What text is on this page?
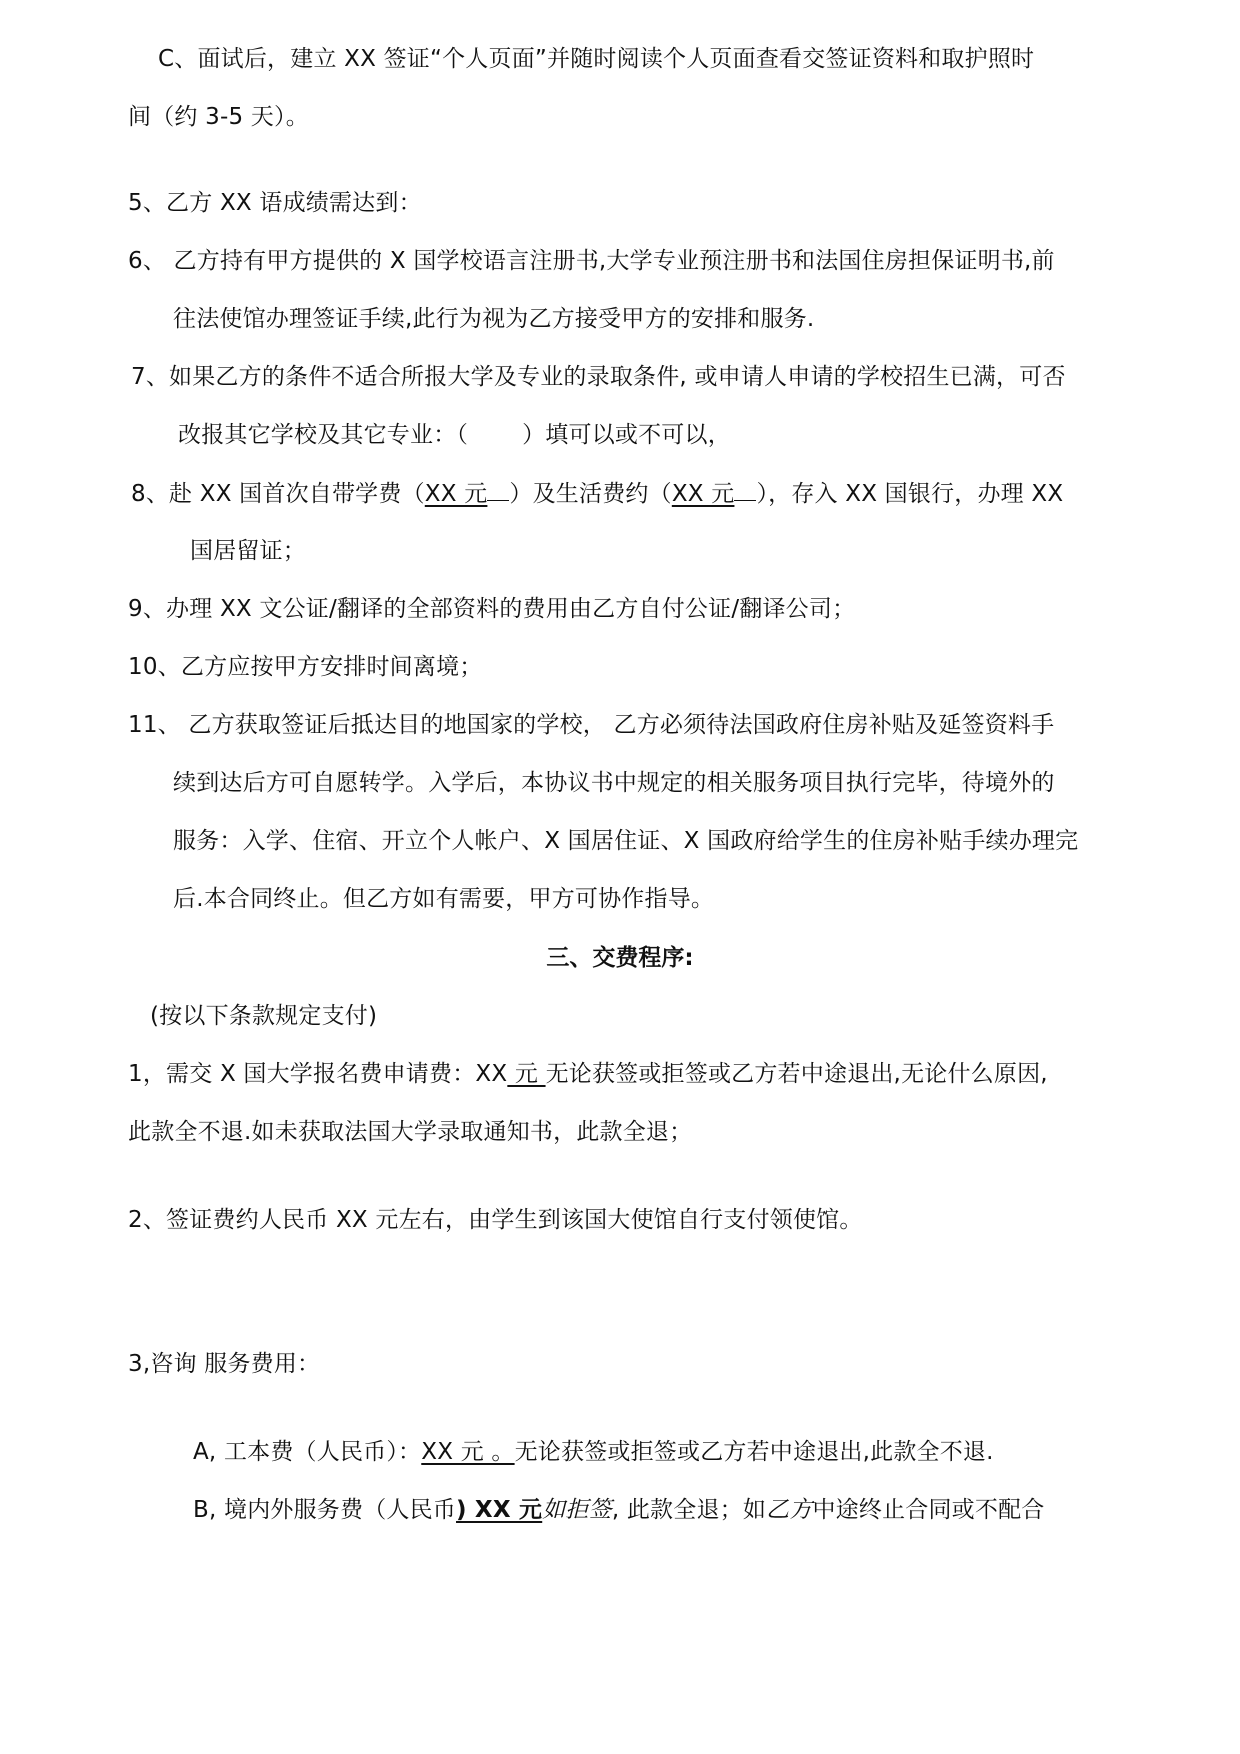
C、面试后，建立 XX 签证“个人页面”并随时阅读个人页面查看交签证资料和取护照时
间（约 3-5 天）。
5、乙方 XX 语成绩需达到：
6、 乙方持有甲方提供的 X 国学校语言注册书,大学专业预注册书和法国住房担保证明书,前
往法使馆办理签证手续,此行为视为乙方接受甲方的安排和服务.
7、如果乙方的条件不适合所报大学及专业的录取条件, 或申请人申请的学校招生已满，可否
改报其它学校及其它专业：（ ）填可以或不可以，
8、赴 XX 国首次自带学费（XX 元 ）及生活费约（XX 元 ），存入 XX 国银行，办理 XX
国居留证；
9、办理 XX 文公证/翻译的全部资料的费用由乙方自付公证/翻译公司；
10、乙方应按甲方安排时间离境；
11、 乙方获取签证后抵达目的地国家的学校， 乙方必须待法国政府住房补贴及延签资料手
续到达后方可自愿转学。入学后，本协议书中规定的相关服务项目执行完毕，待境外的
服务：入学、住宿、开立个人帐户、X 国居住证、X 国政府给学生的住房补贴手续办理完
后.本合同终止。但乙方如有需要，甲方可协作指导。
三、交费程序:
(按以下条款规定支付)
1，需交 X 国大学报名费申请费：XX 元 无论获签或拒签或乙方若中途退出,无论什么原因,
此款全不退.如未获取法国大学录取通知书，此款全退；
2、签证费约人民币 XX 元左右，由学生到该国大使馆自行支付领使馆。
3,咨询 服务费用：
A, 工本费（人民币）：XX 元 。无论获签或拒签或乙方若中途退出,此款全不退.
B, 境内外服务费（人民币) XX 元如拒签, 此款全退；如乙方中途终止合同或不配合
